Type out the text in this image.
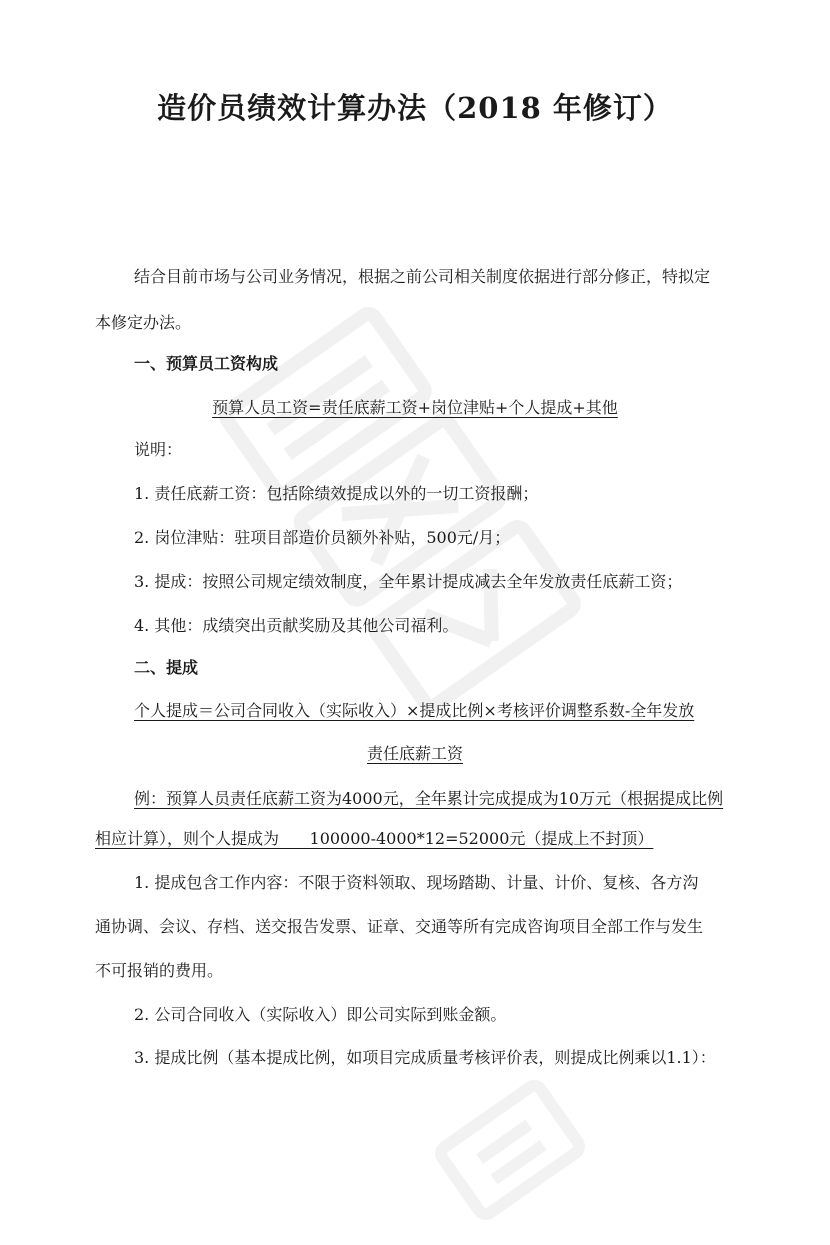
造价员绩效计算办法（2018 年修订）
结合目前市场与公司业务情况，根据之前公司相关制度依据进行部分修正，特拟定
本修定办法。
一、预算员工资构成
预算人员工资=责任底薪工资+岗位津贴+个人提成+其他
说明：
1. 责任底薪工资：包括除绩效提成以外的一切工资报酬；
2. 岗位津贴：驻项目部造价员额外补贴，500元/月；
3. 提成：按照公司规定绩效制度，全年累计提成减去全年发放责任底薪工资；
4. 其他：成绩突出贡献奖励及其他公司福利。
二、提成
个人提成＝公司合同收入（实际收入）×提成比例×考核评价调整系数-全年发放
责任底薪工资
例：预算人员责任底薪工资为4000元，全年累计完成提成为10万元（根据提成比例
相应计算），则个人提成为      100000-4000*12=52000元（提成上不封顶）
1. 提成包含工作内容：不限于资料领取、现场踏勘、计量、计价、复核、各方沟
通协调、会议、存档、送交报告发票、证章、交通等所有完成咨询项目全部工作与发生
不可报销的费用。
2. 公司合同收入（实际收入）即公司实际到账金额。
3. 提成比例（基本提成比例，如项目完成质量考核评价表，则提成比例乘以1.1）：
